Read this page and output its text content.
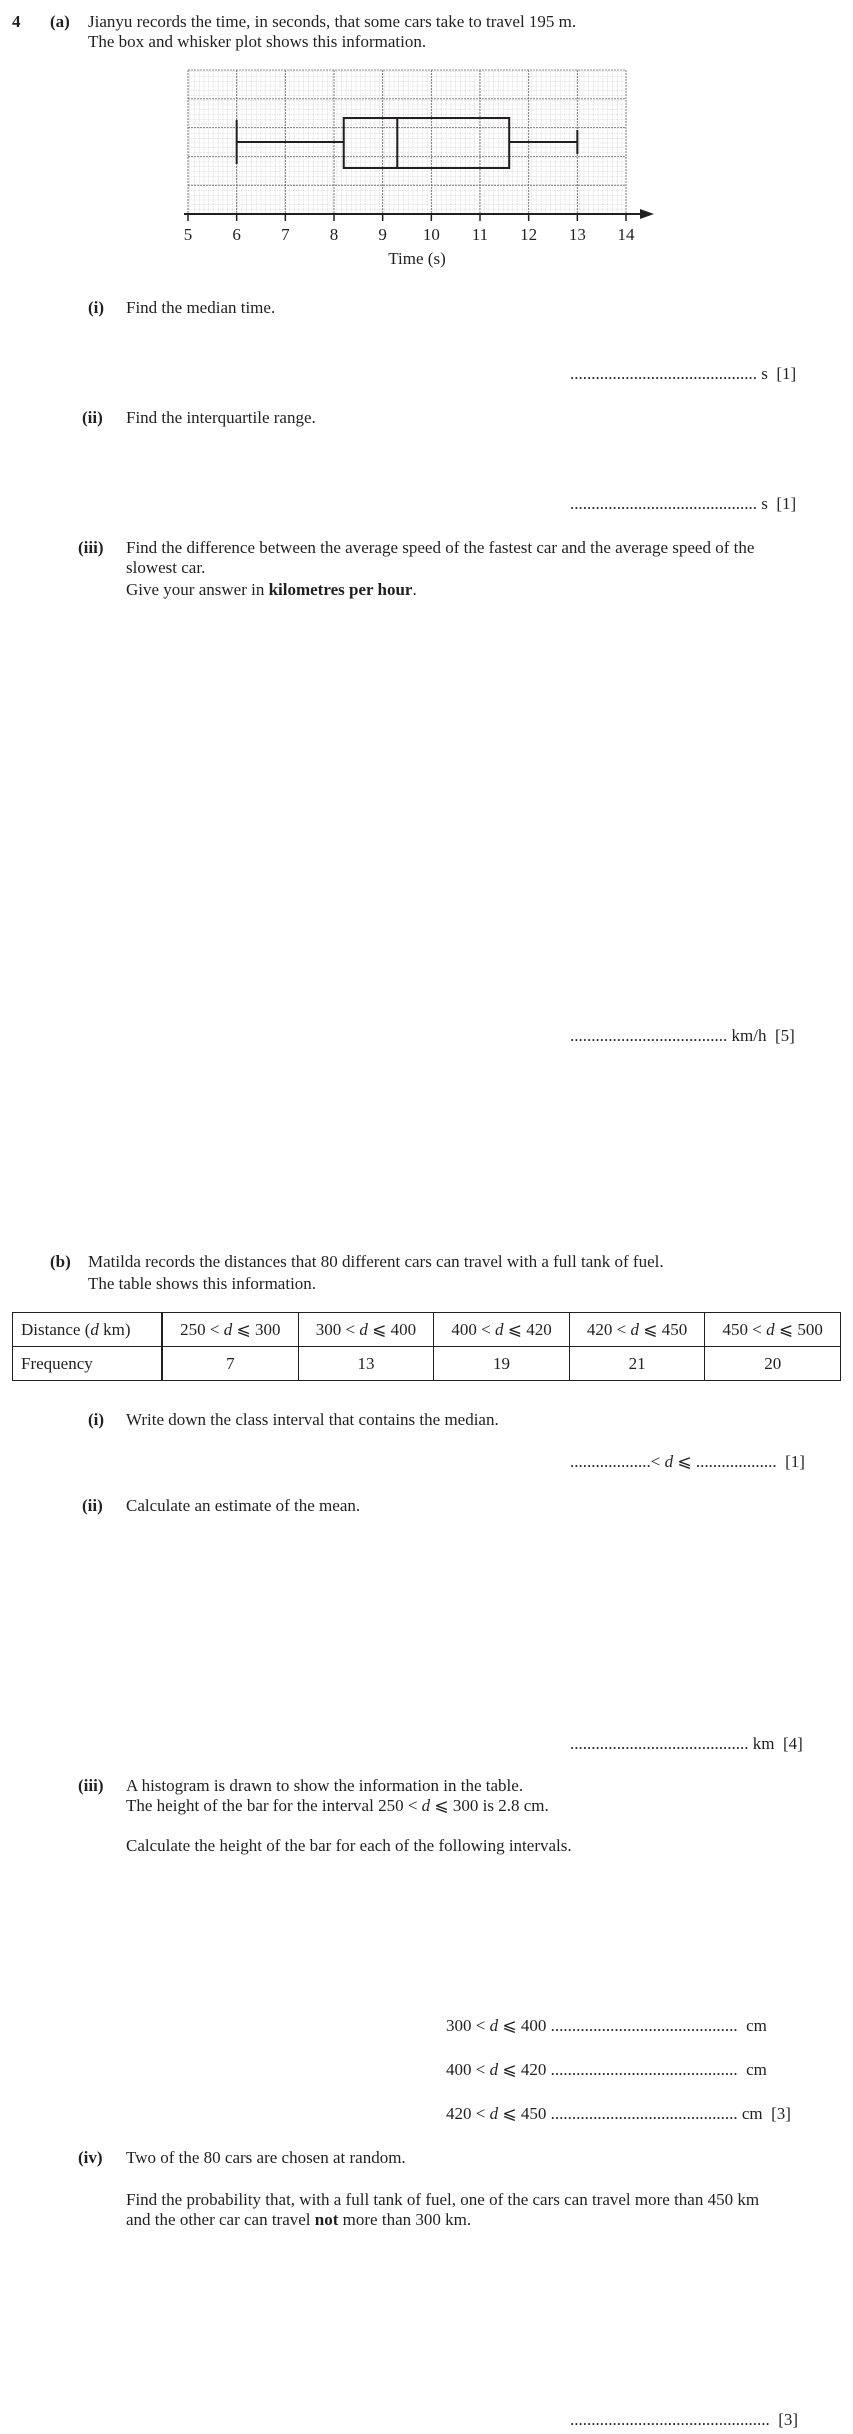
4 (a) Jianyu records the time, in seconds, that some cars take to travel 195 m.
The box and whisker plot shows this information.
5 6 7 8 9 10 11 12 13 14
Time (s)
(i) Find the median time.
............................................ s [1]
(ii) Find the interquartile range.
............................................ s [1]
(iii) Find the difference between the average speed of the fastest car and the average speed of the
slowest car.
Give your answer in kilometres per hour.
..................................... km/h [5]
(b) Matilda records the distances that 80 different cars can travel with a full tank of fuel.
The table shows this information.
Distance (d km)	250 < d ⩽ 300	300 < d ⩽ 400	400 < d ⩽ 420	420 < d ⩽ 450	450 < d ⩽ 500
Frequency	7	13	19	21	20
(i) Write down the class interval that contains the median.
...................< d ⩽ ................... [1]
(ii) Calculate an estimate of the mean.
.......................................... km [4]
(iii) A histogram is drawn to show the information in the table.
The height of the bar for the interval 250 < d ⩽ 300 is 2.8 cm.
Calculate the height of the bar for each of the following intervals.
300 < d ⩽ 400 ............................................ cm
400 < d ⩽ 420 ............................................ cm
420 < d ⩽ 450 ............................................ cm [3]
(iv) Two of the 80 cars are chosen at random.
Find the probability that, with a full tank of fuel, one of the cars can travel more than 450 km
and the other car can travel not more than 300 km.
............................................... [3]
